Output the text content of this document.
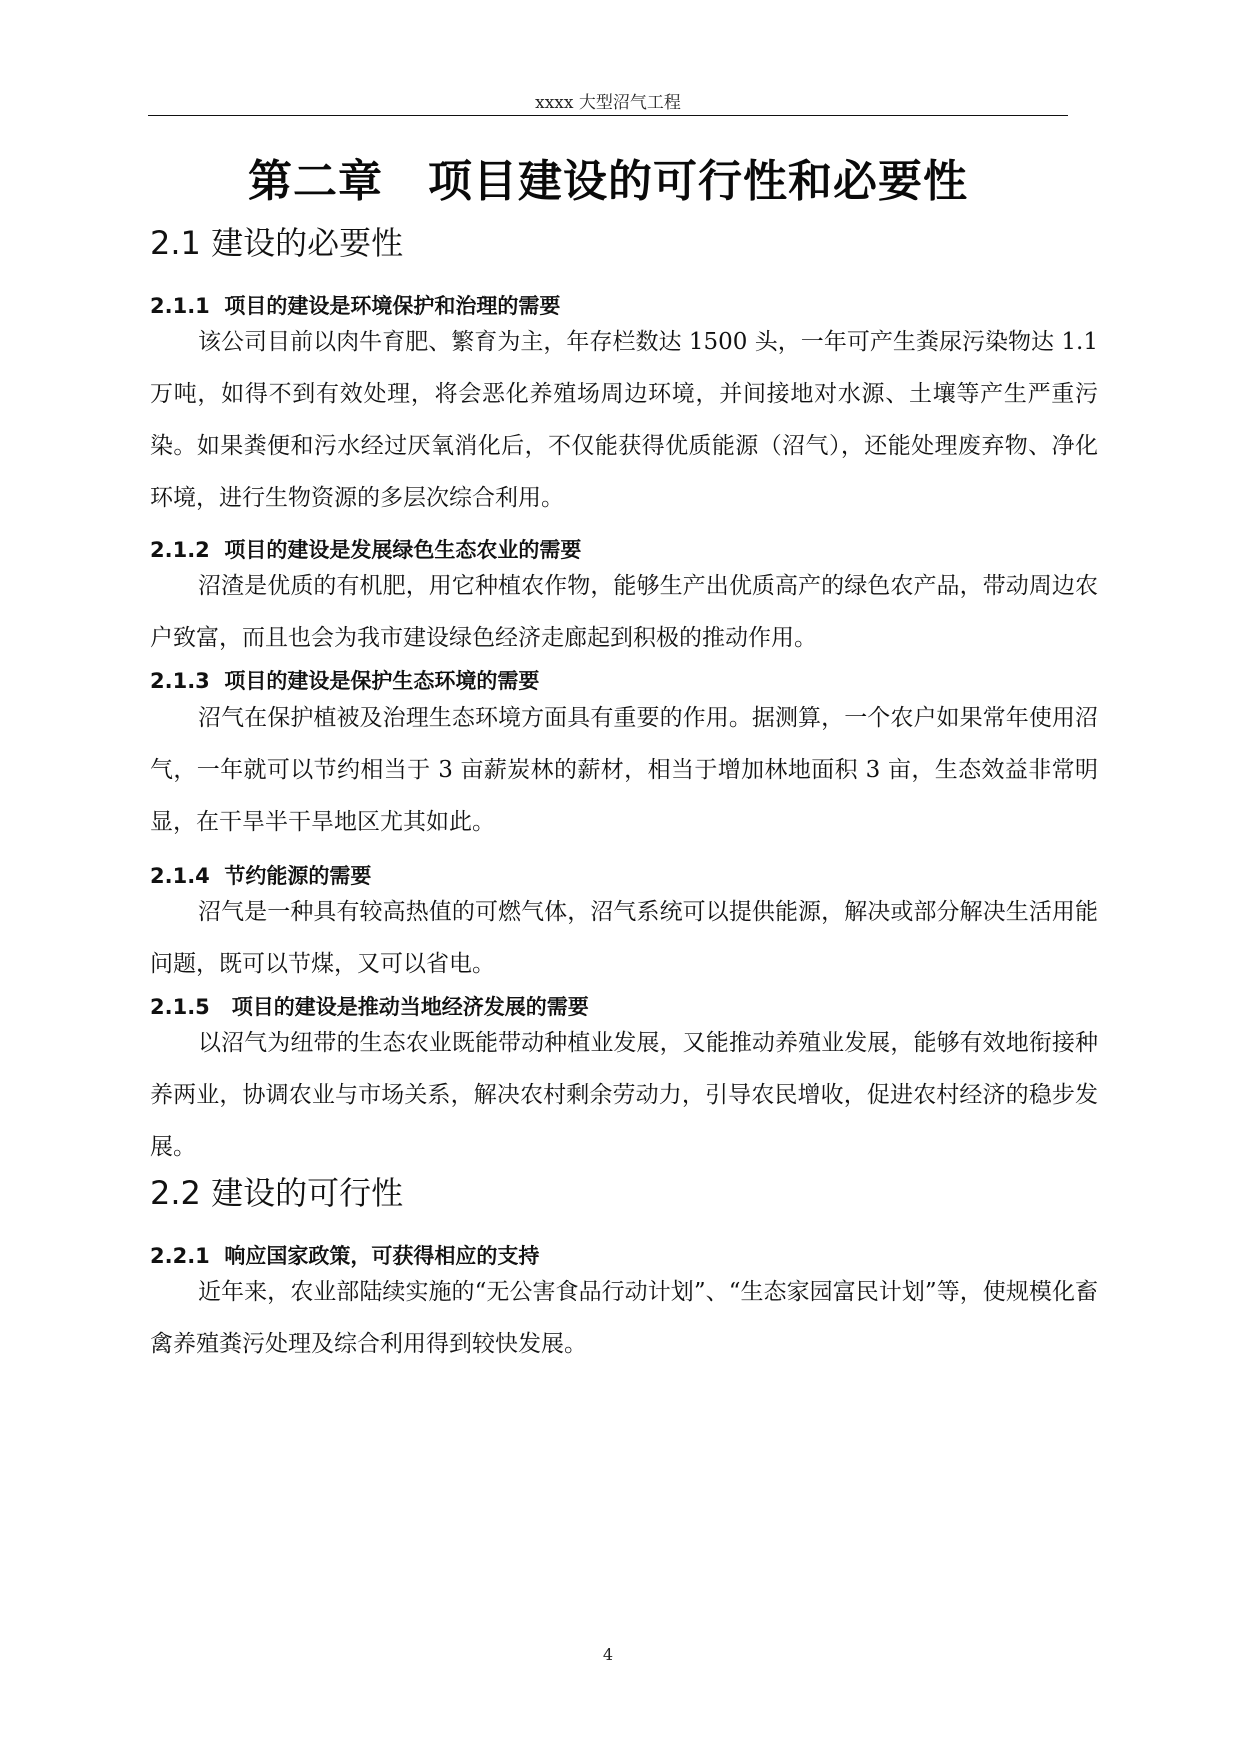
xxxx 大型沼气工程
第二章　项目建设的可行性和必要性
2.1 建设的必要性
2.1.1  项目的建设是环境保护和治理的需要

该公司目前以肉牛育肥、繁育为主，年存栏数达 1500 头，一年可产生粪尿污染物达 1.1 万吨，如得不到有效处理，将会恶化养殖场周边环境，并间接地对水源、土壤等产生严重污染。如果粪便和污水经过厌氧消化后，不仅能获得优质能源（沼气），还能处理废弃物、净化环境，进行生物资源的多层次综合利用。

2.1.2  项目的建设是发展绿色生态农业的需要

沼渣是优质的有机肥，用它种植农作物，能够生产出优质高产的绿色农产品，带动周边农户致富，而且也会为我市建设绿色经济走廊起到积极的推动作用。

2.1.3  项目的建设是保护生态环境的需要

沼气在保护植被及治理生态环境方面具有重要的作用。据测算，一个农户如果常年使用沼气，一年就可以节约相当于 3 亩薪炭林的薪材，相当于增加林地面积 3 亩，生态效益非常明显，在干旱半干旱地区尤其如此。

2.1.4  节约能源的需要

沼气是一种具有较高热值的可燃气体，沼气系统可以提供能源，解决或部分解决生活用能问题，既可以节煤，又可以省电。

2.1.5   项目的建设是推动当地经济发展的需要

以沼气为纽带的生态农业既能带动种植业发展，又能推动养殖业发展，能够有效地衔接种养两业，协调农业与市场关系，解决农村剩余劳动力，引导农民增收，促进农村经济的稳步发展。

2.2 建设的可行性
2.2.1  响应国家政策，可获得相应的支持

近年来，农业部陆续实施的“无公害食品行动计划”、“生态家园富民计划”等，使规模化畜禽养殖粪污处理及综合利用得到较快发展。

4
